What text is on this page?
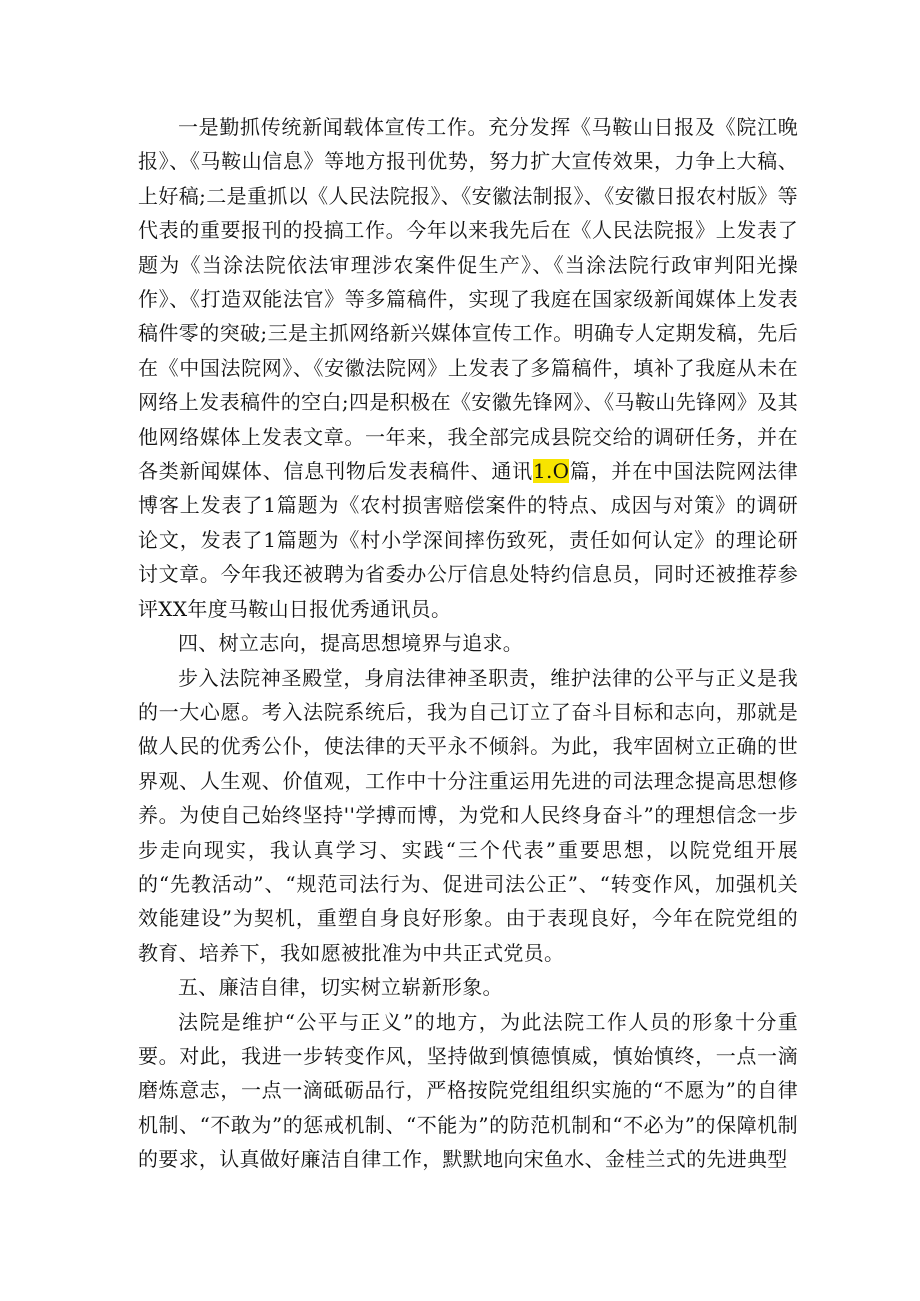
一是勤抓传统新闻载体宣传工作。充分发挥《马鞍山日报及《院江晚报》、《马鞍山信息》等地方报刊优势，努力扩大宣传效果，力争上大稿、上好稿;二是重抓以《人民法院报》、《安徽法制报》、《安徽日报农村版》等代表的重要报刊的投搞工作。今年以来我先后在《人民法院报》上发表了题为《当涂法院依法审理涉农案件促生产》、《当涂法院行政审判阳光操作》、《打造双能法官》等多篇稿件，实现了我庭在国家级新闻媒体上发表稿件零的突破;三是主抓网络新兴媒体宣传工作。明确专人定期发稿，先后在《中国法院网》、《安徽法院网》上发表了多篇稿件，填补了我庭从未在网络上发表稿件的空白;四是积极在《安徽先锋网》、《马鞍山先锋网》及其他网络媒体上发表文章。一年来，我全部完成县院交给的调研任务，并在各类新闻媒体、信息刊物后发表稿件、通讯1.O篇，并在中国法院网法律博客上发表了1篇题为《农村损害赔偿案件的特点、成因与对策》的调研论文，发表了1篇题为《村小学深间摔伤致死，责任如何认定》的理论研讨文章。今年我还被聘为省委办公厅信息处特约信息员，同时还被推荐参评XX年度马鞍山日报优秀通讯员。

四、树立志向，提高思想境界与追求。

步入法院神圣殿堂，身肩法律神圣职责，维护法律的公平与正义是我的一大心愿。考入法院系统后，我为自己订立了奋斗目标和志向，那就是做人民的优秀公仆，使法律的天平永不倾斜。为此，我牢固树立正确的世界观、人生观、价值观，工作中十分注重运用先进的司法理念提高思想修养。为使自己始终坚持''学搏而博，为党和人民终身奋斗”的理想信念一步步走向现实，我认真学习、实践“三个代表”重要思想，以院党组开展的“先教活动”、“规范司法行为、促进司法公正”、“转变作风，加强机关效能建设”为契机，重塑自身良好形象。由于表现良好，今年在院党组的教育、培养下，我如愿被批准为中共正式党员。

五、廉洁自律，切实树立崭新形象。

法院是维护“公平与正义”的地方，为此法院工作人员的形象十分重要。对此，我进一步转变作风，坚持做到慎德慎威，慎始慎终，一点一滴磨炼意志，一点一滴砥砺品行，严格按院党组组织实施的“不愿为”的自律机制、“不敢为”的惩戒机制、“不能为”的防范机制和“不必为”的保障机制的要求，认真做好廉洁自律工作，默默地向宋鱼水、金桂兰式的先进典型
